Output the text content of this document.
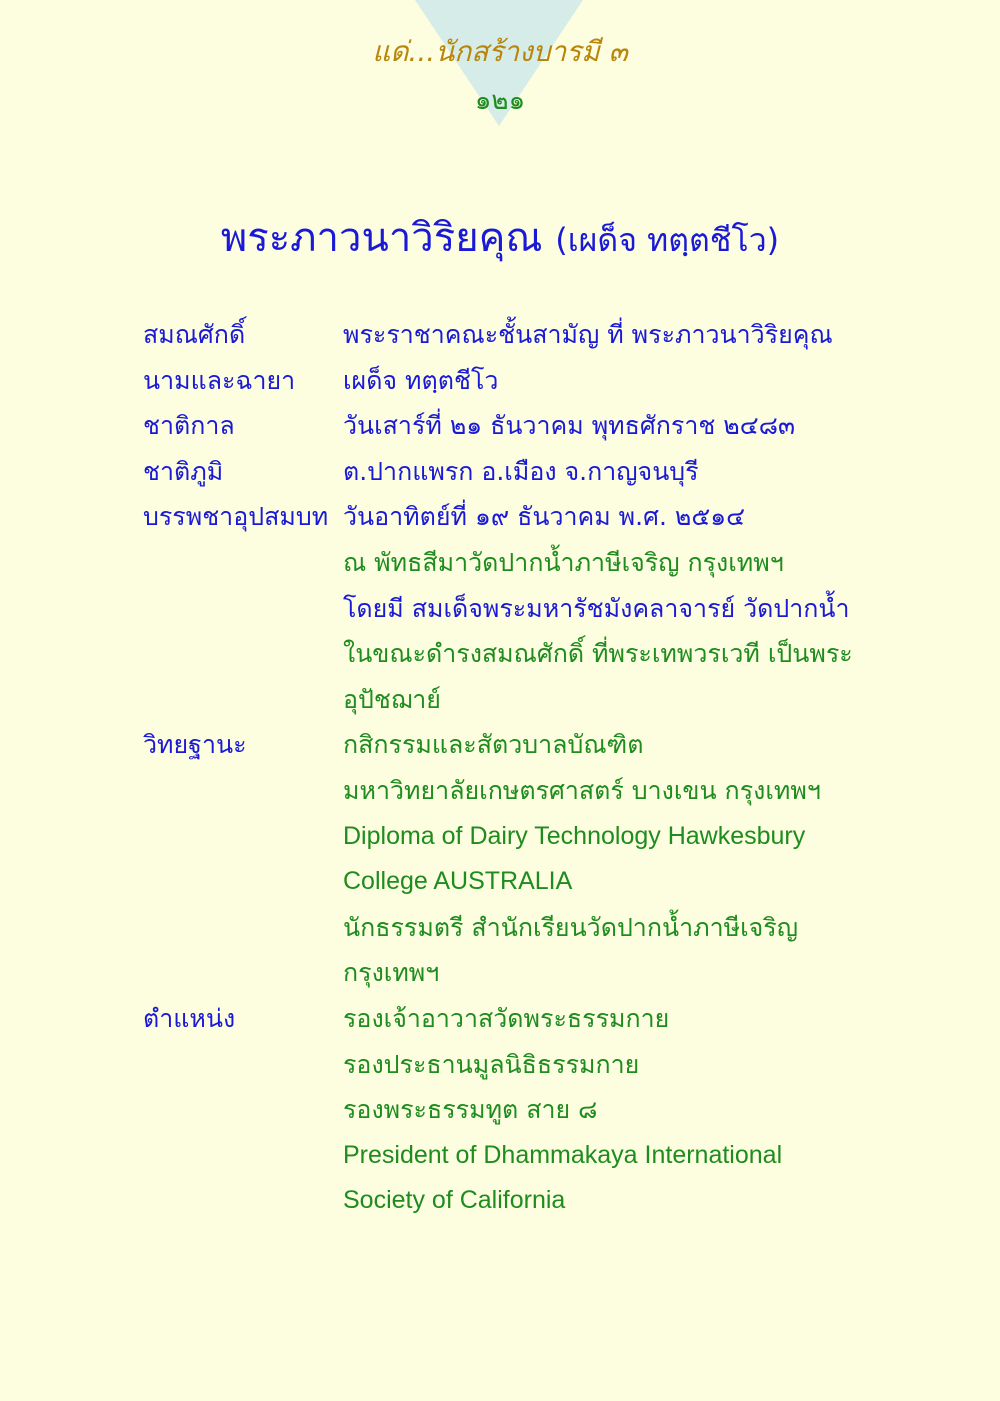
แด่...นักสร้างบารมี ๓
๑๒๑
พระภาวนาวิริยคุณ (เผด็จ ทตฺตชีโว)
สมณศักดิ์	พระราชาคณะชั้นสามัญ ที่ พระภาวนาวิริยคุณ
นามและฉายา	เผด็จ ทตฺตชีโว
ชาติกาล	วันเสาร์ที่ ๒๑ ธันวาคม พุทธศักราช ๒๔๘๓
ชาติภูมิ	ต.ปากแพรก อ.เมือง จ.กาญจนบุรี
บรรพชาอุปสมบท วันอาทิตย์ที่ ๑๙ ธันวาคม พ.ศ. ๒๕๑๔
ณ พัทธสีมาวัดปากน้ำภาษีเจริญ กรุงเทพฯ
โดยมี สมเด็จพระมหารัชมังคลาจารย์ วัดปากน้ำ
ในขณะดำรงสมณศักดิ์ ที่พระเทพวรเวที เป็นพระ
อุปัชฌาย์
วิทยฐานะ	กสิกรรมและสัตวบาลบัณฑิต
มหาวิทยาลัยเกษตรศาสตร์ บางเขน กรุงเทพฯ
Diploma of Dairy Technology Hawkesbury
College AUSTRALIA
นักธรรมตรี สำนักเรียนวัดปากน้ำภาษีเจริญ
กรุงเทพฯ
ตำแหน่ง	รองเจ้าอาวาสวัดพระธรรมกาย
รองประธานมูลนิธิธรรมกาย
รองพระธรรมทูต สาย ๘
President of Dhammakaya International
Society of California
